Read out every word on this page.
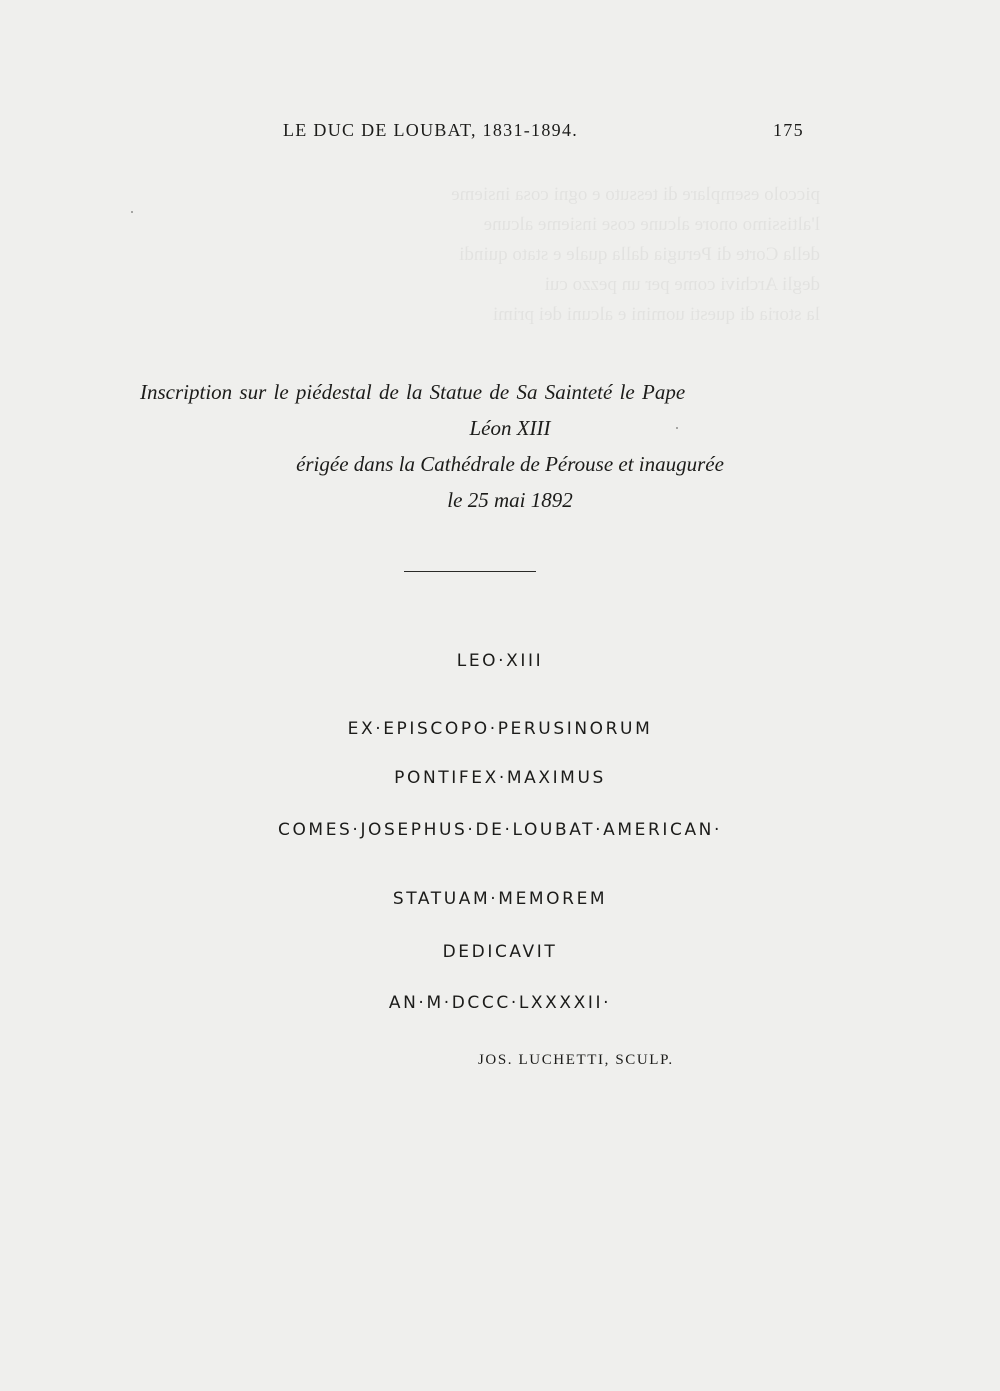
piccolo esemplare di tessuto e ogni cosa insieme
l'altissimo onore alcune cose insieme alcune
della Corte di Perugia dalla quale e stato quindi
degli Archivi come per un pezzo cui
la storia di questi uomini e alcuni dei primi

LE DUC DE LOUBAT, 1831-1894.	175
Inscription sur le piédestal de la Statue de Sa Sainteté le Pape
Léon XIII
érigée dans la Cathédrale de Pérouse et inaugurée
le 25 mai 1892
LEO·XIII
EX·EPISCOPO·PERUSINORUM
PONTIFEX·MAXIMUS
COMES·JOSEPHUS·DE·LOUBAT·AMERICAN·
STATUAM·MEMOREM
DEDICAVIT
AN·M·DCCC·LXXXXII·
JOS. LUCHETTI, SCULP.
